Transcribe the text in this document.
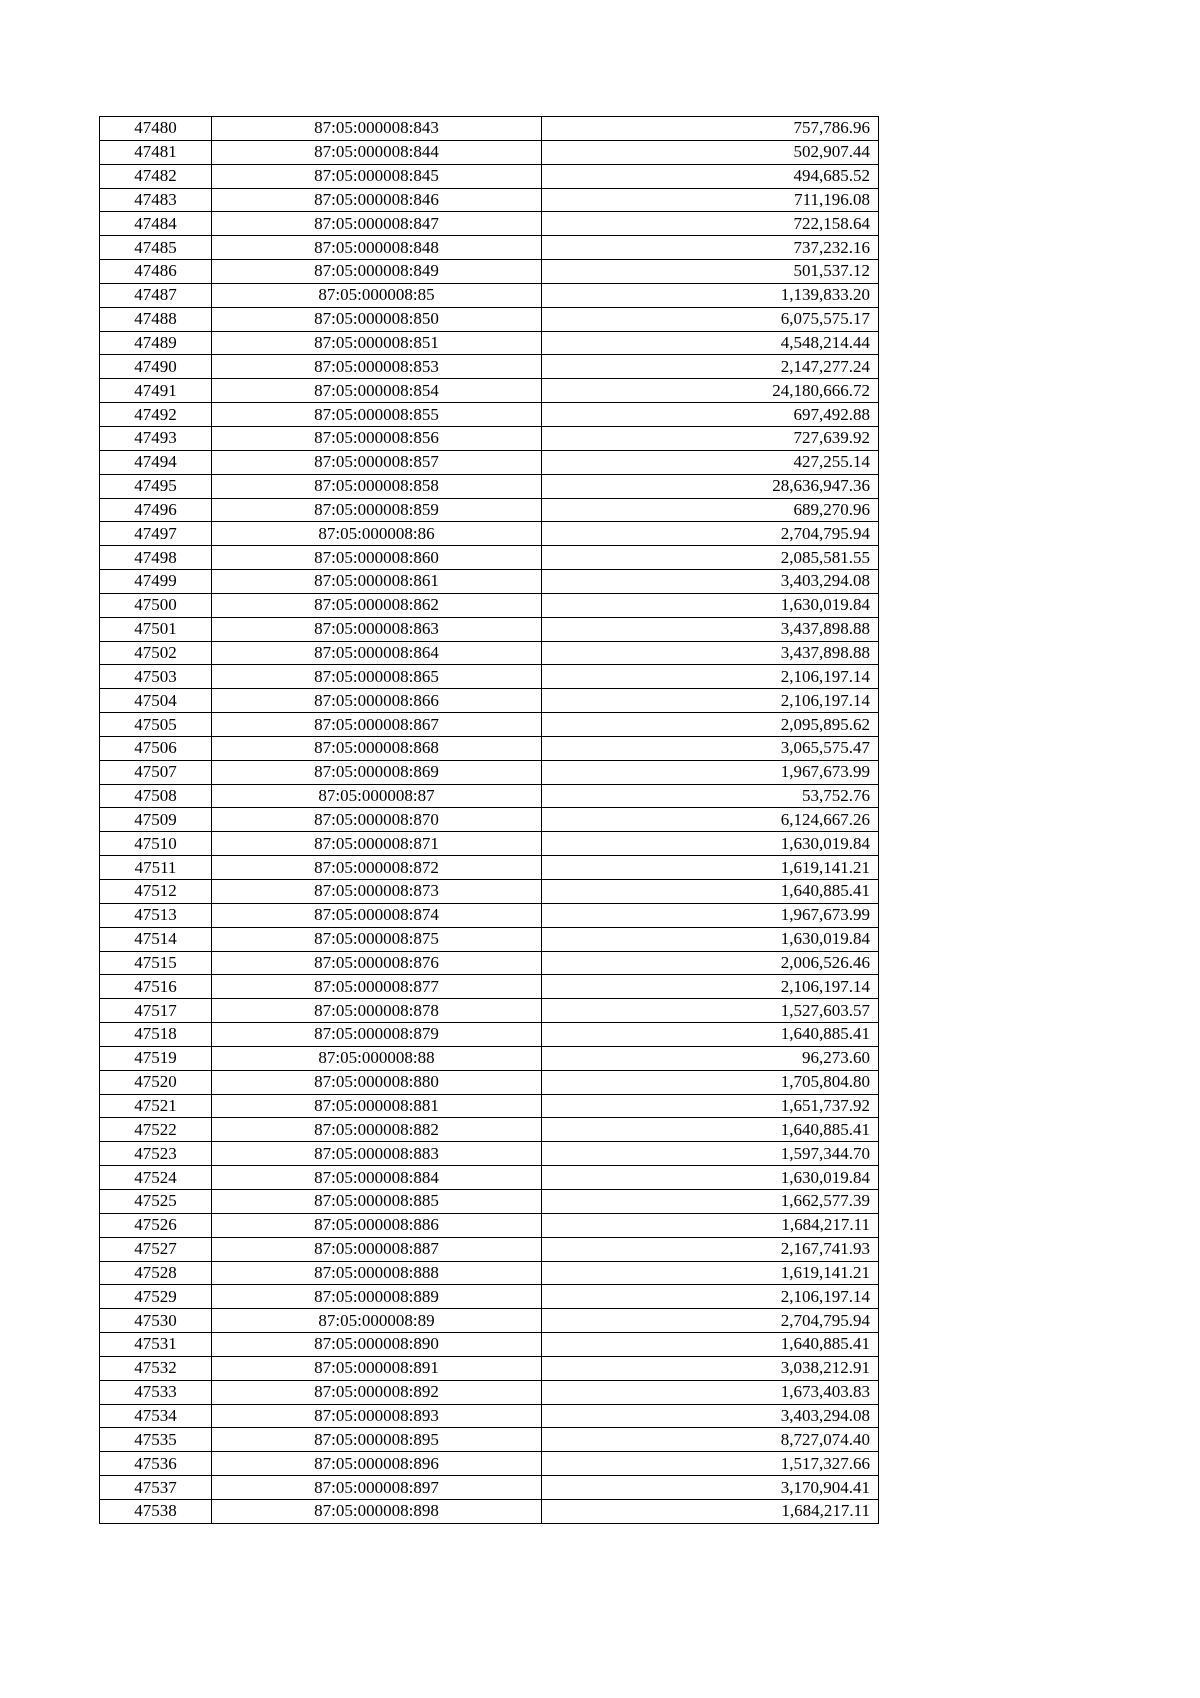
47480	87:05:000008:843	757,786.96
47481	87:05:000008:844	502,907.44
47482	87:05:000008:845	494,685.52
47483	87:05:000008:846	711,196.08
47484	87:05:000008:847	722,158.64
47485	87:05:000008:848	737,232.16
47486	87:05:000008:849	501,537.12
47487	87:05:000008:85	1,139,833.20
47488	87:05:000008:850	6,075,575.17
47489	87:05:000008:851	4,548,214.44
47490	87:05:000008:853	2,147,277.24
47491	87:05:000008:854	24,180,666.72
47492	87:05:000008:855	697,492.88
47493	87:05:000008:856	727,639.92
47494	87:05:000008:857	427,255.14
47495	87:05:000008:858	28,636,947.36
47496	87:05:000008:859	689,270.96
47497	87:05:000008:86	2,704,795.94
47498	87:05:000008:860	2,085,581.55
47499	87:05:000008:861	3,403,294.08
47500	87:05:000008:862	1,630,019.84
47501	87:05:000008:863	3,437,898.88
47502	87:05:000008:864	3,437,898.88
47503	87:05:000008:865	2,106,197.14
47504	87:05:000008:866	2,106,197.14
47505	87:05:000008:867	2,095,895.62
47506	87:05:000008:868	3,065,575.47
47507	87:05:000008:869	1,967,673.99
47508	87:05:000008:87	53,752.76
47509	87:05:000008:870	6,124,667.26
47510	87:05:000008:871	1,630,019.84
47511	87:05:000008:872	1,619,141.21
47512	87:05:000008:873	1,640,885.41
47513	87:05:000008:874	1,967,673.99
47514	87:05:000008:875	1,630,019.84
47515	87:05:000008:876	2,006,526.46
47516	87:05:000008:877	2,106,197.14
47517	87:05:000008:878	1,527,603.57
47518	87:05:000008:879	1,640,885.41
47519	87:05:000008:88	96,273.60
47520	87:05:000008:880	1,705,804.80
47521	87:05:000008:881	1,651,737.92
47522	87:05:000008:882	1,640,885.41
47523	87:05:000008:883	1,597,344.70
47524	87:05:000008:884	1,630,019.84
47525	87:05:000008:885	1,662,577.39
47526	87:05:000008:886	1,684,217.11
47527	87:05:000008:887	2,167,741.93
47528	87:05:000008:888	1,619,141.21
47529	87:05:000008:889	2,106,197.14
47530	87:05:000008:89	2,704,795.94
47531	87:05:000008:890	1,640,885.41
47532	87:05:000008:891	3,038,212.91
47533	87:05:000008:892	1,673,403.83
47534	87:05:000008:893	3,403,294.08
47535	87:05:000008:895	8,727,074.40
47536	87:05:000008:896	1,517,327.66
47537	87:05:000008:897	3,170,904.41
47538	87:05:000008:898	1,684,217.11
